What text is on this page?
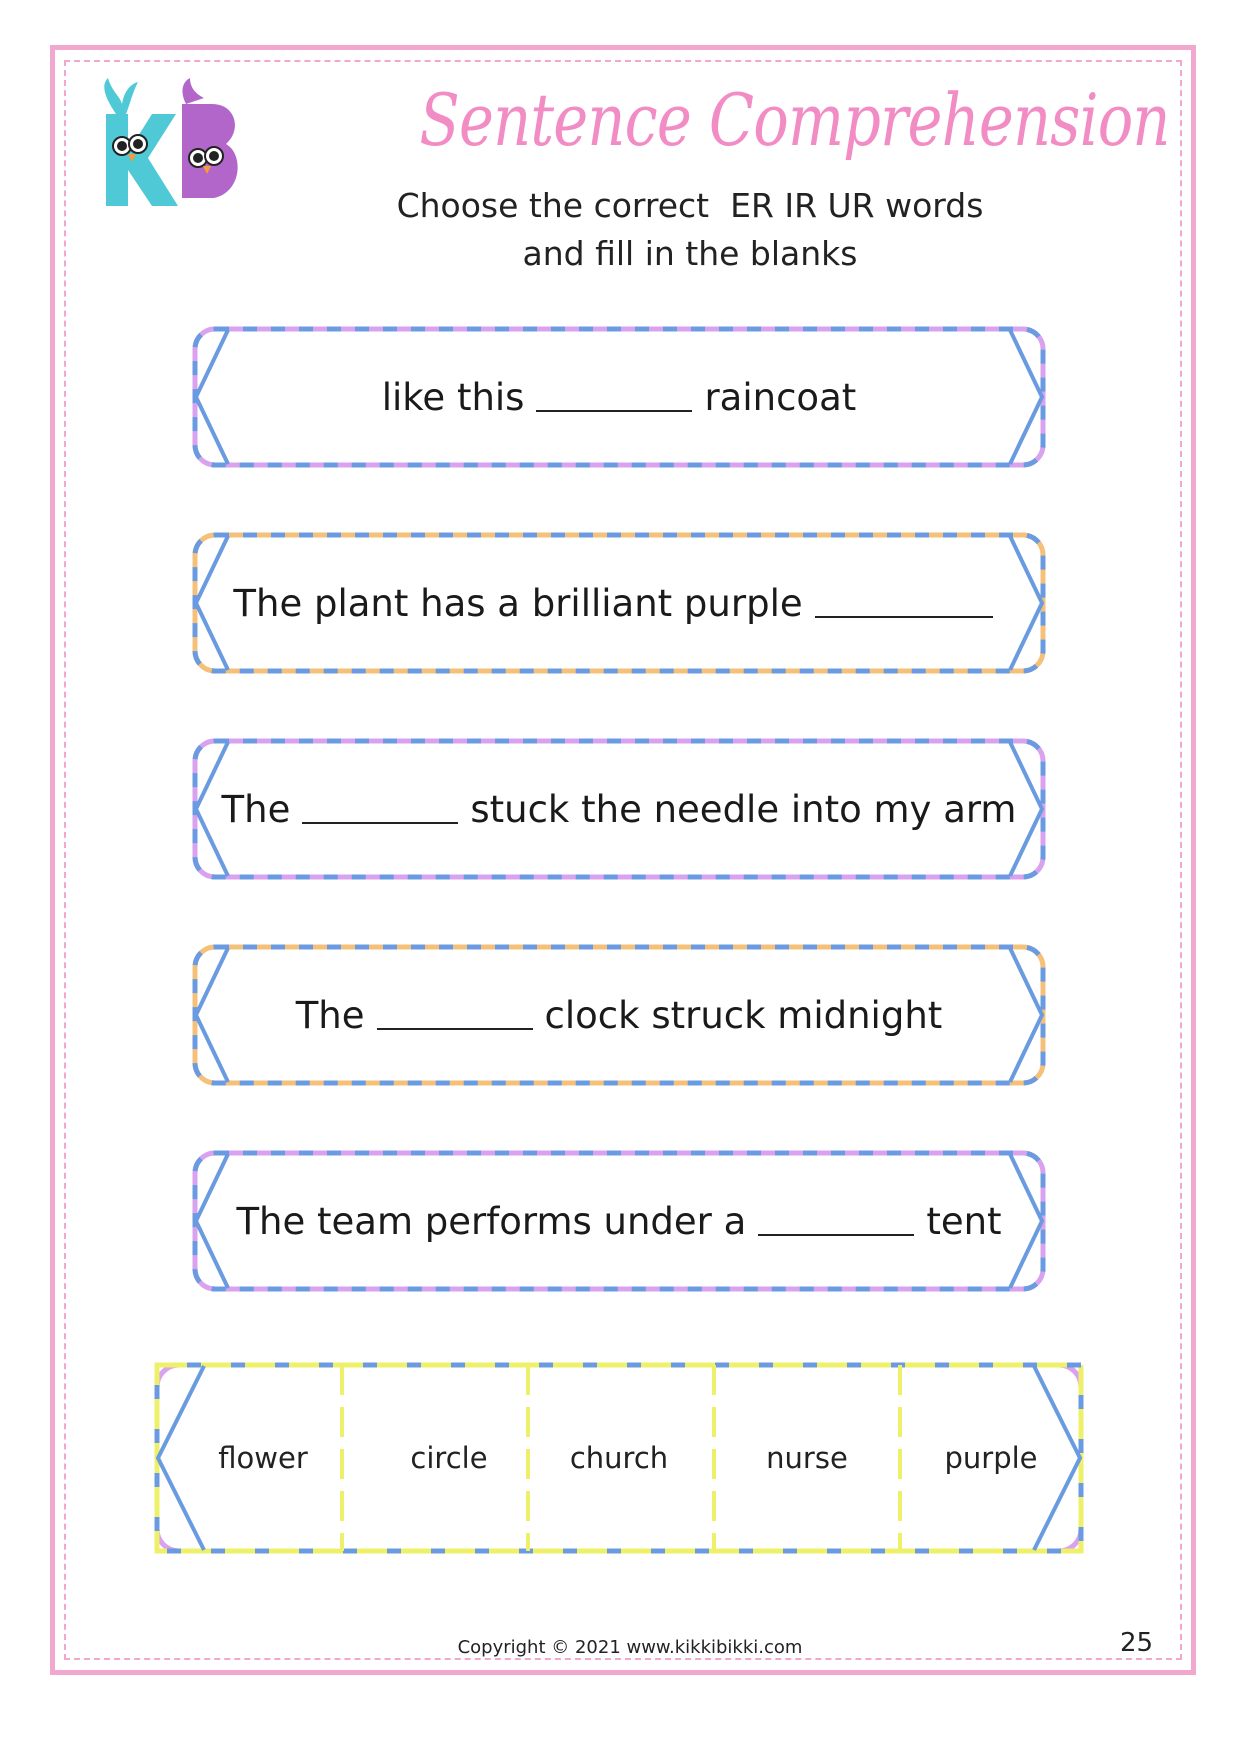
Sentence Comprehension
Choose the correct  ER IR UR words
and fill in the blanks
like this	raincoat
The plant has a brilliant purple
The	stuck the needle into my arm
The	clock struck midnight
The team performs under a	tent
flower	circle	church	nurse	purple
Copyright © 2021 www.kikkibikki.com	25
